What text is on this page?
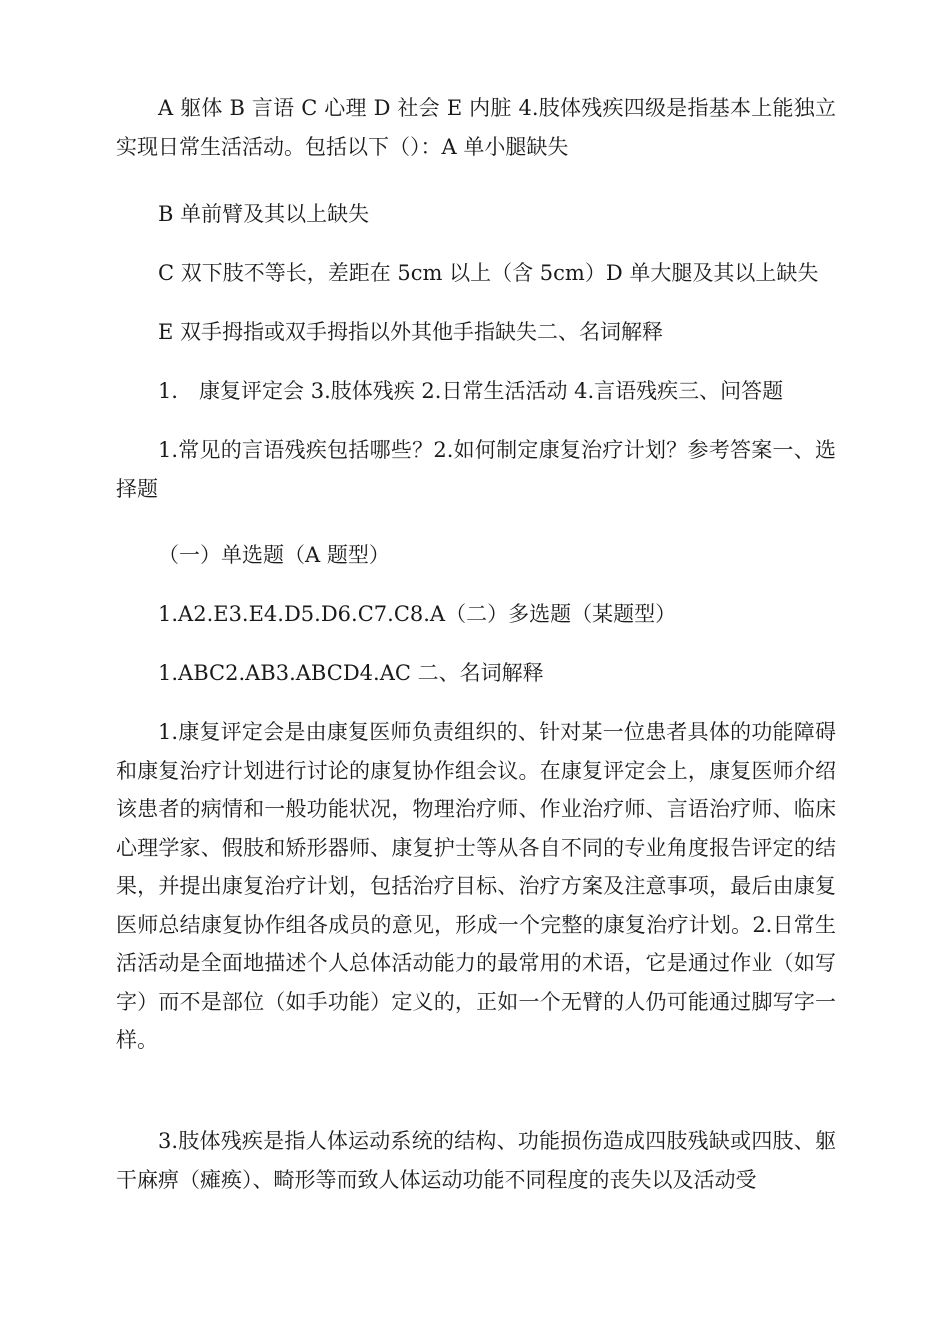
A 躯体 B 言语 C 心理 D 社会 E 内脏 4.肢体残疾四级是指基本上能独立实现日常生活活动。包括以下（）：A 单小腿缺失

B 单前臂及其以上缺失

C 双下肢不等长，差距在 5cm 以上（含 5cm）D 单大腿及其以上缺失

E 双手拇指或双手拇指以外其他手指缺失二、名词解释

1． 康复评定会 3.肢体残疾 2.日常生活活动 4.言语残疾三、问答题

1.常见的言语残疾包括哪些？2.如何制定康复治疗计划？参考答案一、选择题

（一）单选题（A 题型）

1.A2.E3.E4.D5.D6.C7.C8.A（二）多选题（某题型）

1.ABC2.AB3.ABCD4.AC 二、名词解释

1.康复评定会是由康复医师负责组织的、针对某一位患者具体的功能障碍和康复治疗计划进行讨论的康复协作组会议。在康复评定会上，康复医师介绍该患者的病情和一般功能状况，物理治疗师、作业治疗师、言语治疗师、临床心理学家、假肢和矫形器师、康复护士等从各自不同的专业角度报告评定的结果，并提出康复治疗计划，包括治疗目标、治疗方案及注意事项，最后由康复医师总结康复协作组各成员的意见，形成一个完整的康复治疗计划。2.日常生活活动是全面地描述个人总体活动能力的最常用的术语，它是通过作业（如写字）而不是部位（如手功能）定义的，正如一个无臂的人仍可能通过脚写字一样。

3.肢体残疾是指人体运动系统的结构、功能损伤造成四肢残缺或四肢、躯干麻痹（瘫痪）、畸形等而致人体运动功能不同程度的丧失以及活动受
